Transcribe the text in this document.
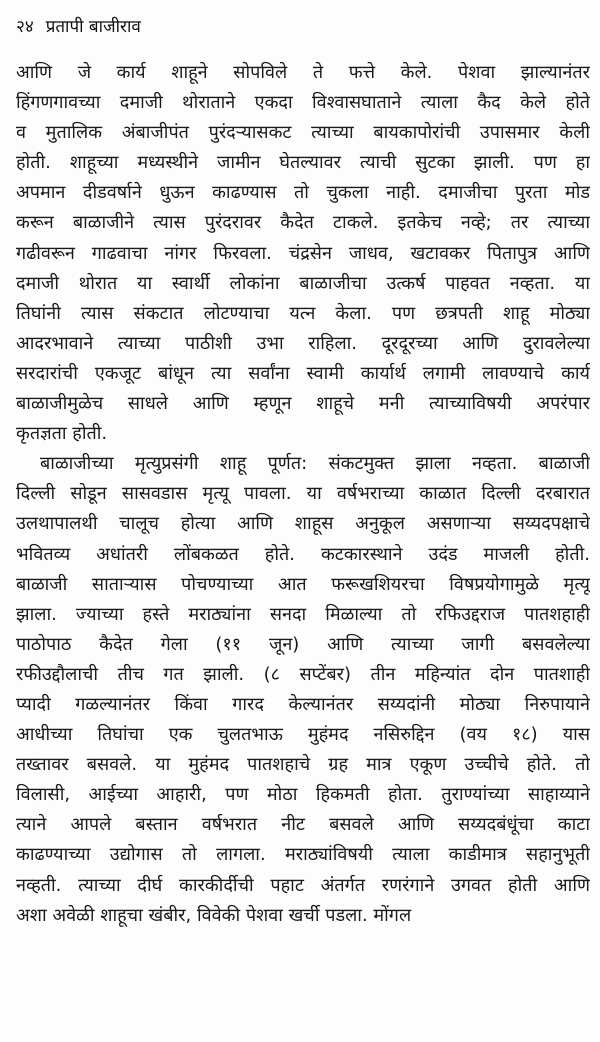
२४ प्रतापी बाजीराव
आणि जे कार्य शाहूने सोपविले ते फत्ते केले. पेशवा झाल्यानंतर
हिंगणगावच्या दमाजी थोराताने एकदा विश्वासघाताने त्याला कैद केले होते
व मुतालिक अंबाजीपंत पुरंदऱ्यासकट त्याच्या बायकापोरांची उपासमार केली
होती. शाहूच्या मध्यस्थीने जामीन घेतल्यावर त्याची सुटका झाली. पण हा
अपमान दीडवर्षाने धुऊन काढण्यास तो चुकला नाही. दमाजीचा पुरता मोड
करून बाळाजीने त्यास पुरंदरावर कैदेत टाकले. इतकेच नव्हे; तर त्याच्या
गढीवरून गाढवाचा नांगर फिरवला. चंद्रसेन जाधव, खटावकर पितापुत्र आणि
दमाजी थोरात या स्वार्थी लोकांना बाळाजीचा उत्कर्ष पाहवत नव्हता. या
तिघांनी त्यास संकटात लोटण्याचा यत्न केला. पण छत्रपती शाहू मोठ्या
आदरभावाने त्याच्या पाठीशी उभा राहिला. दूरदूरच्या आणि दुरावलेल्या
सरदारांची एकजूट बांधून त्या सर्वांना स्वामी कार्यार्थ लगामी लावण्याचे कार्य
बाळाजीमुळेच साधले आणि म्हणून शाहूचे मनी त्याच्याविषयी अपरंपार
कृतज्ञता होती.
बाळाजीच्या मृत्युप्रसंगी शाहू पूर्णत: संकटमुक्त झाला नव्हता. बाळाजी
दिल्ली सोडून सासवडास मृत्यू पावला. या वर्षभराच्या काळात दिल्ली दरबारात
उलथापालथी चालूच होत्या आणि शाहूस अनुकूल असणाऱ्या सय्यदपक्षाचे
भवितव्य अधांतरी लोंबकळत होते. कटकारस्थाने उदंड माजली होती.
बाळाजी साताऱ्यास पोचण्याच्या आत फरूखशियरचा विषप्रयोगामुळे मृत्यू
झाला. ज्याच्या हस्ते मराठ्यांना सनदा मिळाल्या तो रफिउद्दराज पातशहाही
पाठोपाठ कैदेत गेला (११ जून) आणि त्याच्या जागी बसवलेल्या
रफीउद्दौलाची तीच गत झाली. (८ सप्टेंबर) तीन महिन्यांत दोन पातशाही
प्यादी गळल्यानंतर किंवा गारद केल्यानंतर सय्यदांनी मोठ्या निरुपायाने
आधीच्या तिघांचा एक चुलतभाऊ मुहंमद नसिरुद्दिन (वय १८) यास
तख्तावर बसवले. या मुहंमद पातशहाचे ग्रह मात्र एकूण उच्चीचे होते. तो
विलासी, आईच्या आहारी, पण मोठा हिकमती होता. तुराण्यांच्या साहाय्याने
त्याने आपले बस्तान वर्षभरात नीट बसवले आणि सय्यदबंधूंचा काटा
काढण्याच्या उद्योगास तो लागला. मराठ्यांविषयी त्याला काडीमात्र सहानुभूती
नव्हती. त्याच्या दीर्घ कारकीर्दीची पहाट अंतर्गत रणरंगाने उगवत होती आणि
अशा अवेळी शाहूचा खंबीर, विवेकी पेशवा खर्ची पडला. मोंगल
